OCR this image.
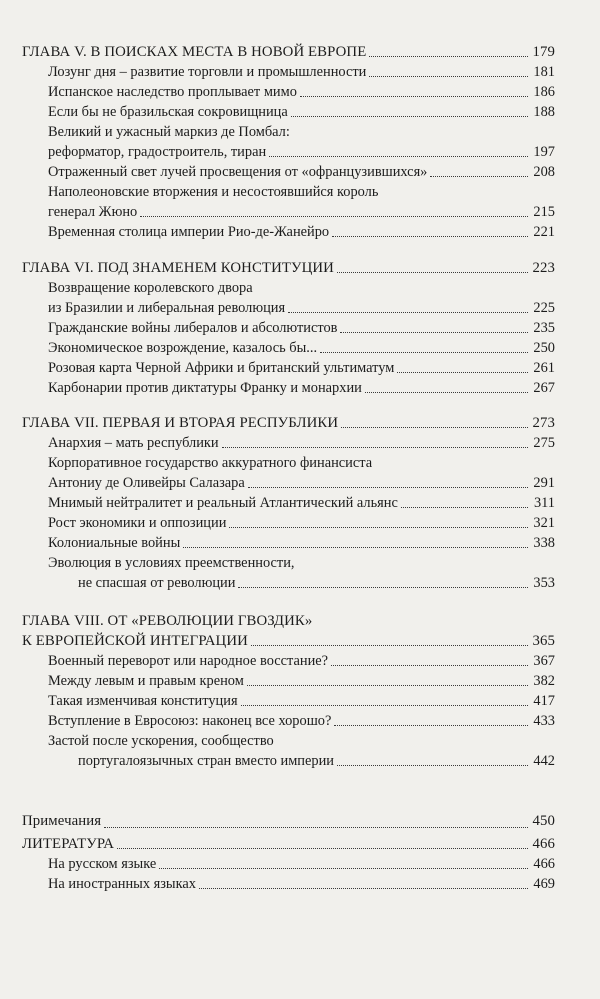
ГЛАВА V. В ПОИСКАХ МЕСТА В НОВОЙ ЕВРОПЕ	179
Лозунг дня – развитие торговли и промышленности	181
Испанское наследство проплывает мимо	186
Если бы не бразильская сокровищница	188
Великий и ужасный маркиз де Помбал:
реформатор, градостроитель, тиран	197
Отраженный свет лучей просвещения от «офранцузившихся»	208
Наполеоновские вторжения и несостоявшийся король
генерал Жюно	215
Временная столица империи Рио-де-Жанейро	221
ГЛАВА VI. ПОД ЗНАМЕНЕМ КОНСТИТУЦИИ	223
Возвращение королевского двора
из Бразилии и либеральная революция	225
Гражданские войны либералов и абсолютистов	235
Экономическое возрождение, казалось бы...	250
Розовая карта Черной Африки и британский ультиматум	261
Карбонарии против диктатуры Франку и монархии	267
ГЛАВА VII. ПЕРВАЯ И ВТОРАЯ РЕСПУБЛИКИ	273
Анархия – мать республики	275
Корпоративное государство аккуратного финансиста
Антониу де Оливейры Салазара	291
Мнимый нейтралитет и реальный Атлантический альянс	311
Рост экономики и оппозиции	321
Колониальные войны	338
Эволюция в условиях преемственности,
не спасшая от революции	353
ГЛАВА VIII. ОТ «РЕВОЛЮЦИИ ГВОЗДИК»
К ЕВРОПЕЙСКОЙ ИНТЕГРАЦИИ	365
Военный переворот или народное восстание?	367
Между левым и правым креном	382
Такая изменчивая конституция	417
Вступление в Евросоюз: наконец все хорошо?	433
Застой после ускорения, сообщество
португалоязычных стран вместо империи	442
Примечания	450
ЛИТЕРАТУРА	466
На русском языке	466
На иностранных языках	469
